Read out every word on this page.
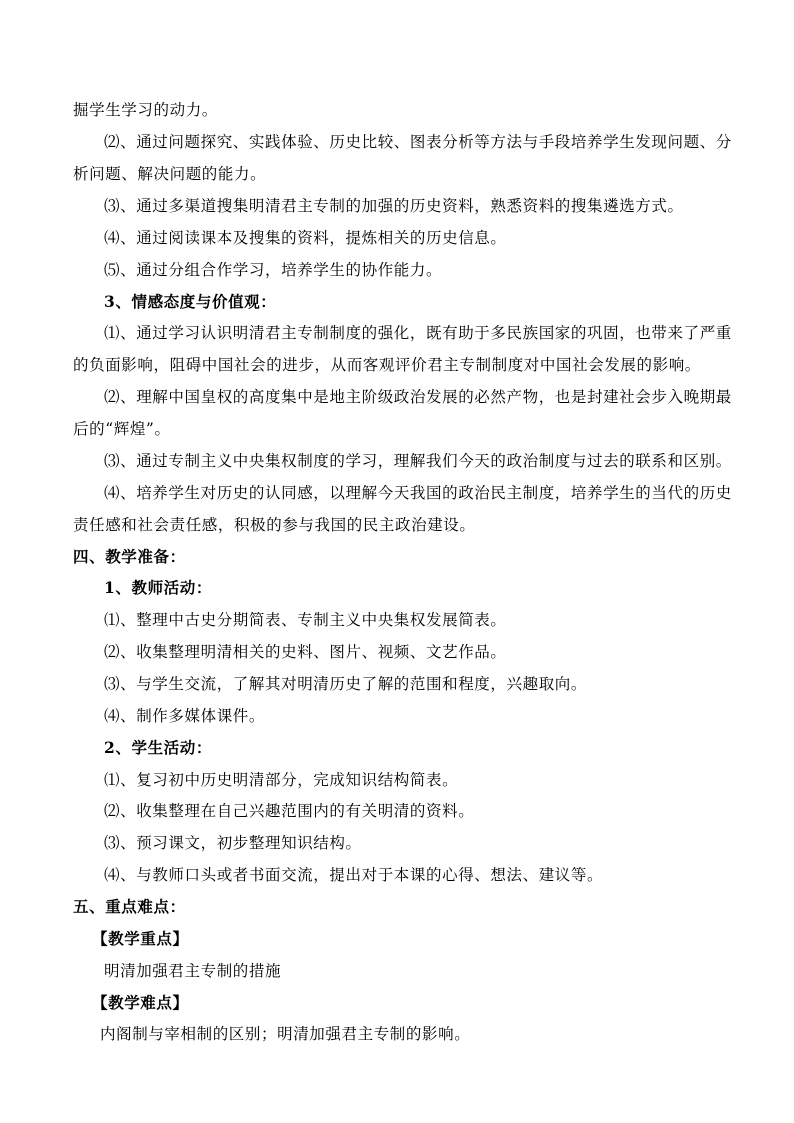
掘学生学习的动力。
⑵、通过问题探究、实践体验、历史比较、图表分析等方法与手段培养学生发现问题、分
析问题、解决问题的能力。
⑶、通过多渠道搜集明清君主专制的加强的历史资料，熟悉资料的搜集遴选方式。
⑷、通过阅读课本及搜集的资料，提炼相关的历史信息。
⑸、通过分组合作学习，培养学生的协作能力。
3、情感态度与价值观：
⑴、通过学习认识明清君主专制制度的强化，既有助于多民族国家的巩固，也带来了严重
的负面影响，阻碍中国社会的进步，从而客观评价君主专制制度对中国社会发展的影响。
⑵、理解中国皇权的高度集中是地主阶级政治发展的必然产物，也是封建社会步入晚期最
后的“辉煌”。
⑶、通过专制主义中央集权制度的学习，理解我们今天的政治制度与过去的联系和区别。
⑷、培养学生对历史的认同感，以理解今天我国的政治民主制度，培养学生的当代的历史
责任感和社会责任感，积极的参与我国的民主政治建设。
四、教学准备：
1、教师活动：
⑴、整理中古史分期简表、专制主义中央集权发展简表。
⑵、收集整理明清相关的史料、图片、视频、文艺作品。
⑶、与学生交流，了解其对明清历史了解的范围和程度，兴趣取向。
⑷、制作多媒体课件。
2、学生活动：
⑴、复习初中历史明清部分，完成知识结构简表。
⑵、收集整理在自己兴趣范围内的有关明清的资料。
⑶、预习课文，初步整理知识结构。
⑷、与教师口头或者书面交流，提出对于本课的心得、想法、建议等。
五、重点难点：
【教学重点】
明清加强君主专制的措施
【教学难点】
内阁制与宰相制的区别；明清加强君主专制的影响。
